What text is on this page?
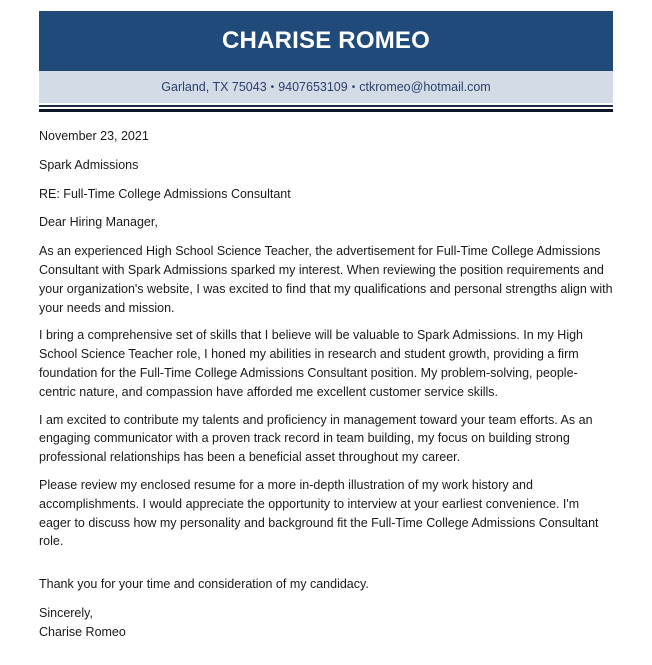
CHARISE ROMEO
Garland, TX 75043 • 9407653109 • ctkromeo@hotmail.com

November 23, 2021

Spark Admissions

RE: Full-Time College Admissions Consultant

Dear Hiring Manager,

As an experienced High School Science Teacher, the advertisement for Full-Time College Admissions Consultant with Spark Admissions sparked my interest. When reviewing the position requirements and your organization's website, I was excited to find that my qualifications and personal strengths align with your needs and mission.

I bring a comprehensive set of skills that I believe will be valuable to Spark Admissions. In my High School Science Teacher role, I honed my abilities in research and student growth, providing a firm foundation for the Full-Time College Admissions Consultant position. My problem-solving, people-centric nature, and compassion have afforded me excellent customer service skills.

I am excited to contribute my talents and proficiency in management toward your team efforts. As an engaging communicator with a proven track record in team building, my focus on building strong professional relationships has been a beneficial asset throughout my career.

Please review my enclosed resume for a more in-depth illustration of my work history and accomplishments. I would appreciate the opportunity to interview at your earliest convenience. I'm eager to discuss how my personality and background fit the Full-Time College Admissions Consultant role.

Thank you for your time and consideration of my candidacy.

Sincerely,

Charise Romeo
